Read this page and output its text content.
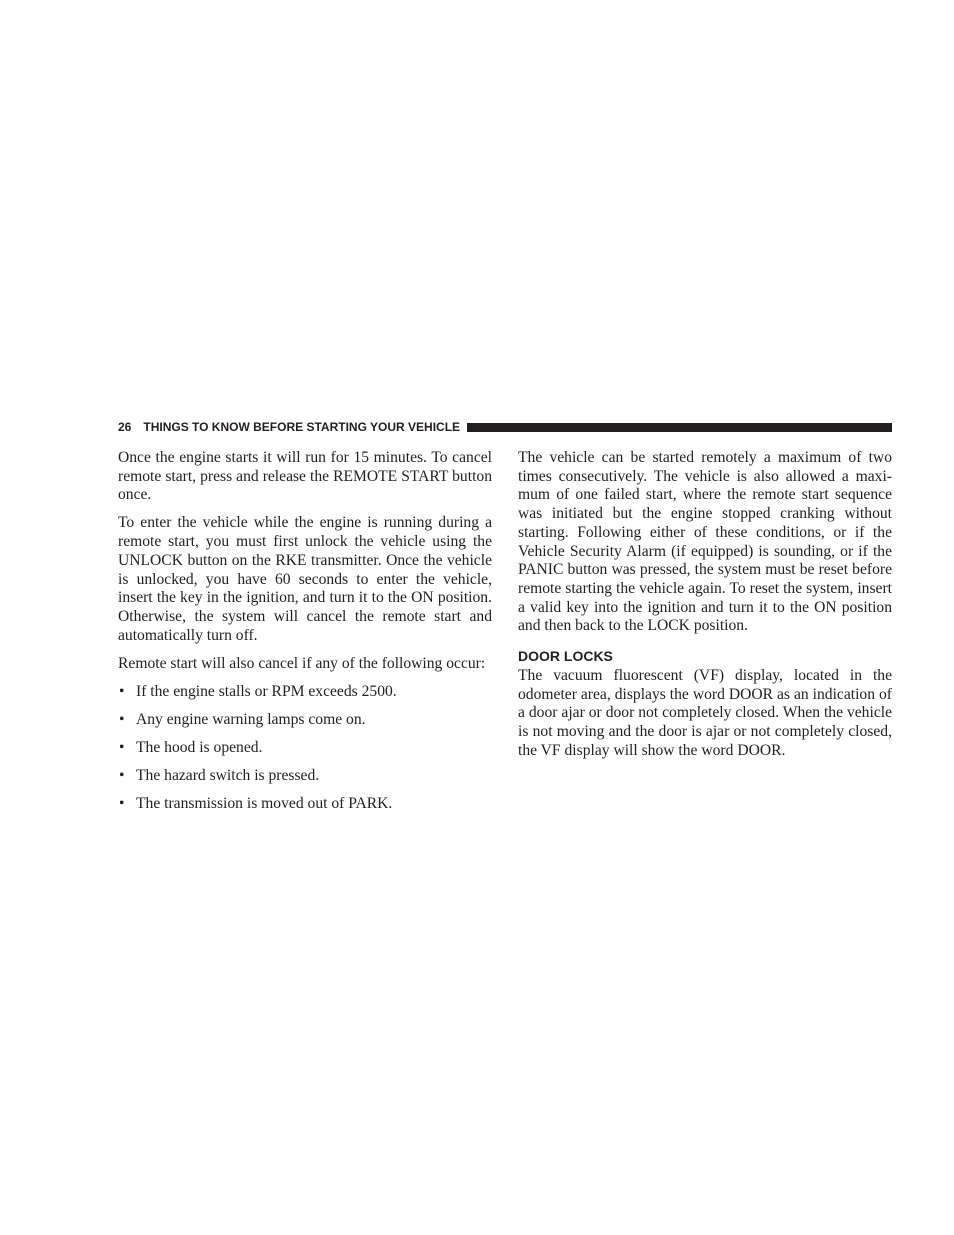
26 THINGS TO KNOW BEFORE STARTING YOUR VEHICLE

Once the engine starts it will run for 15 minutes. To cancel remote start, press and release the REMOTE START button once.

To enter the vehicle while the engine is running during a remote start, you must first unlock the vehicle using the UNLOCK button on the RKE transmitter. Once the vehicle is unlocked, you have 60 seconds to enter the vehicle, insert the key in the ignition, and turn it to the ON position. Otherwise, the system will cancel the remote start and automatically turn off.

Remote start will also cancel if any of the following occur:

• If the engine stalls or RPM exceeds 2500.
• Any engine warning lamps come on.
• The hood is opened.
• The hazard switch is pressed.
• The transmission is moved out of PARK.

The vehicle can be started remotely a maximum of two times consecutively. The vehicle is also allowed a maxi-mum of one failed start, where the remote start sequence was initiated but the engine stopped cranking without starting. Following either of these conditions, or if the Vehicle Security Alarm (if equipped) is sounding, or if the PANIC button was pressed, the system must be reset before remote starting the vehicle again. To reset the system, insert a valid key into the ignition and turn it to the ON position and then back to the LOCK position.

DOOR LOCKS

The vacuum fluorescent (VF) display, located in the odometer area, displays the word DOOR as an indication of a door ajar or door not completely closed. When the vehicle is not moving and the door is ajar or not completely closed, the VF display will show the word DOOR.
